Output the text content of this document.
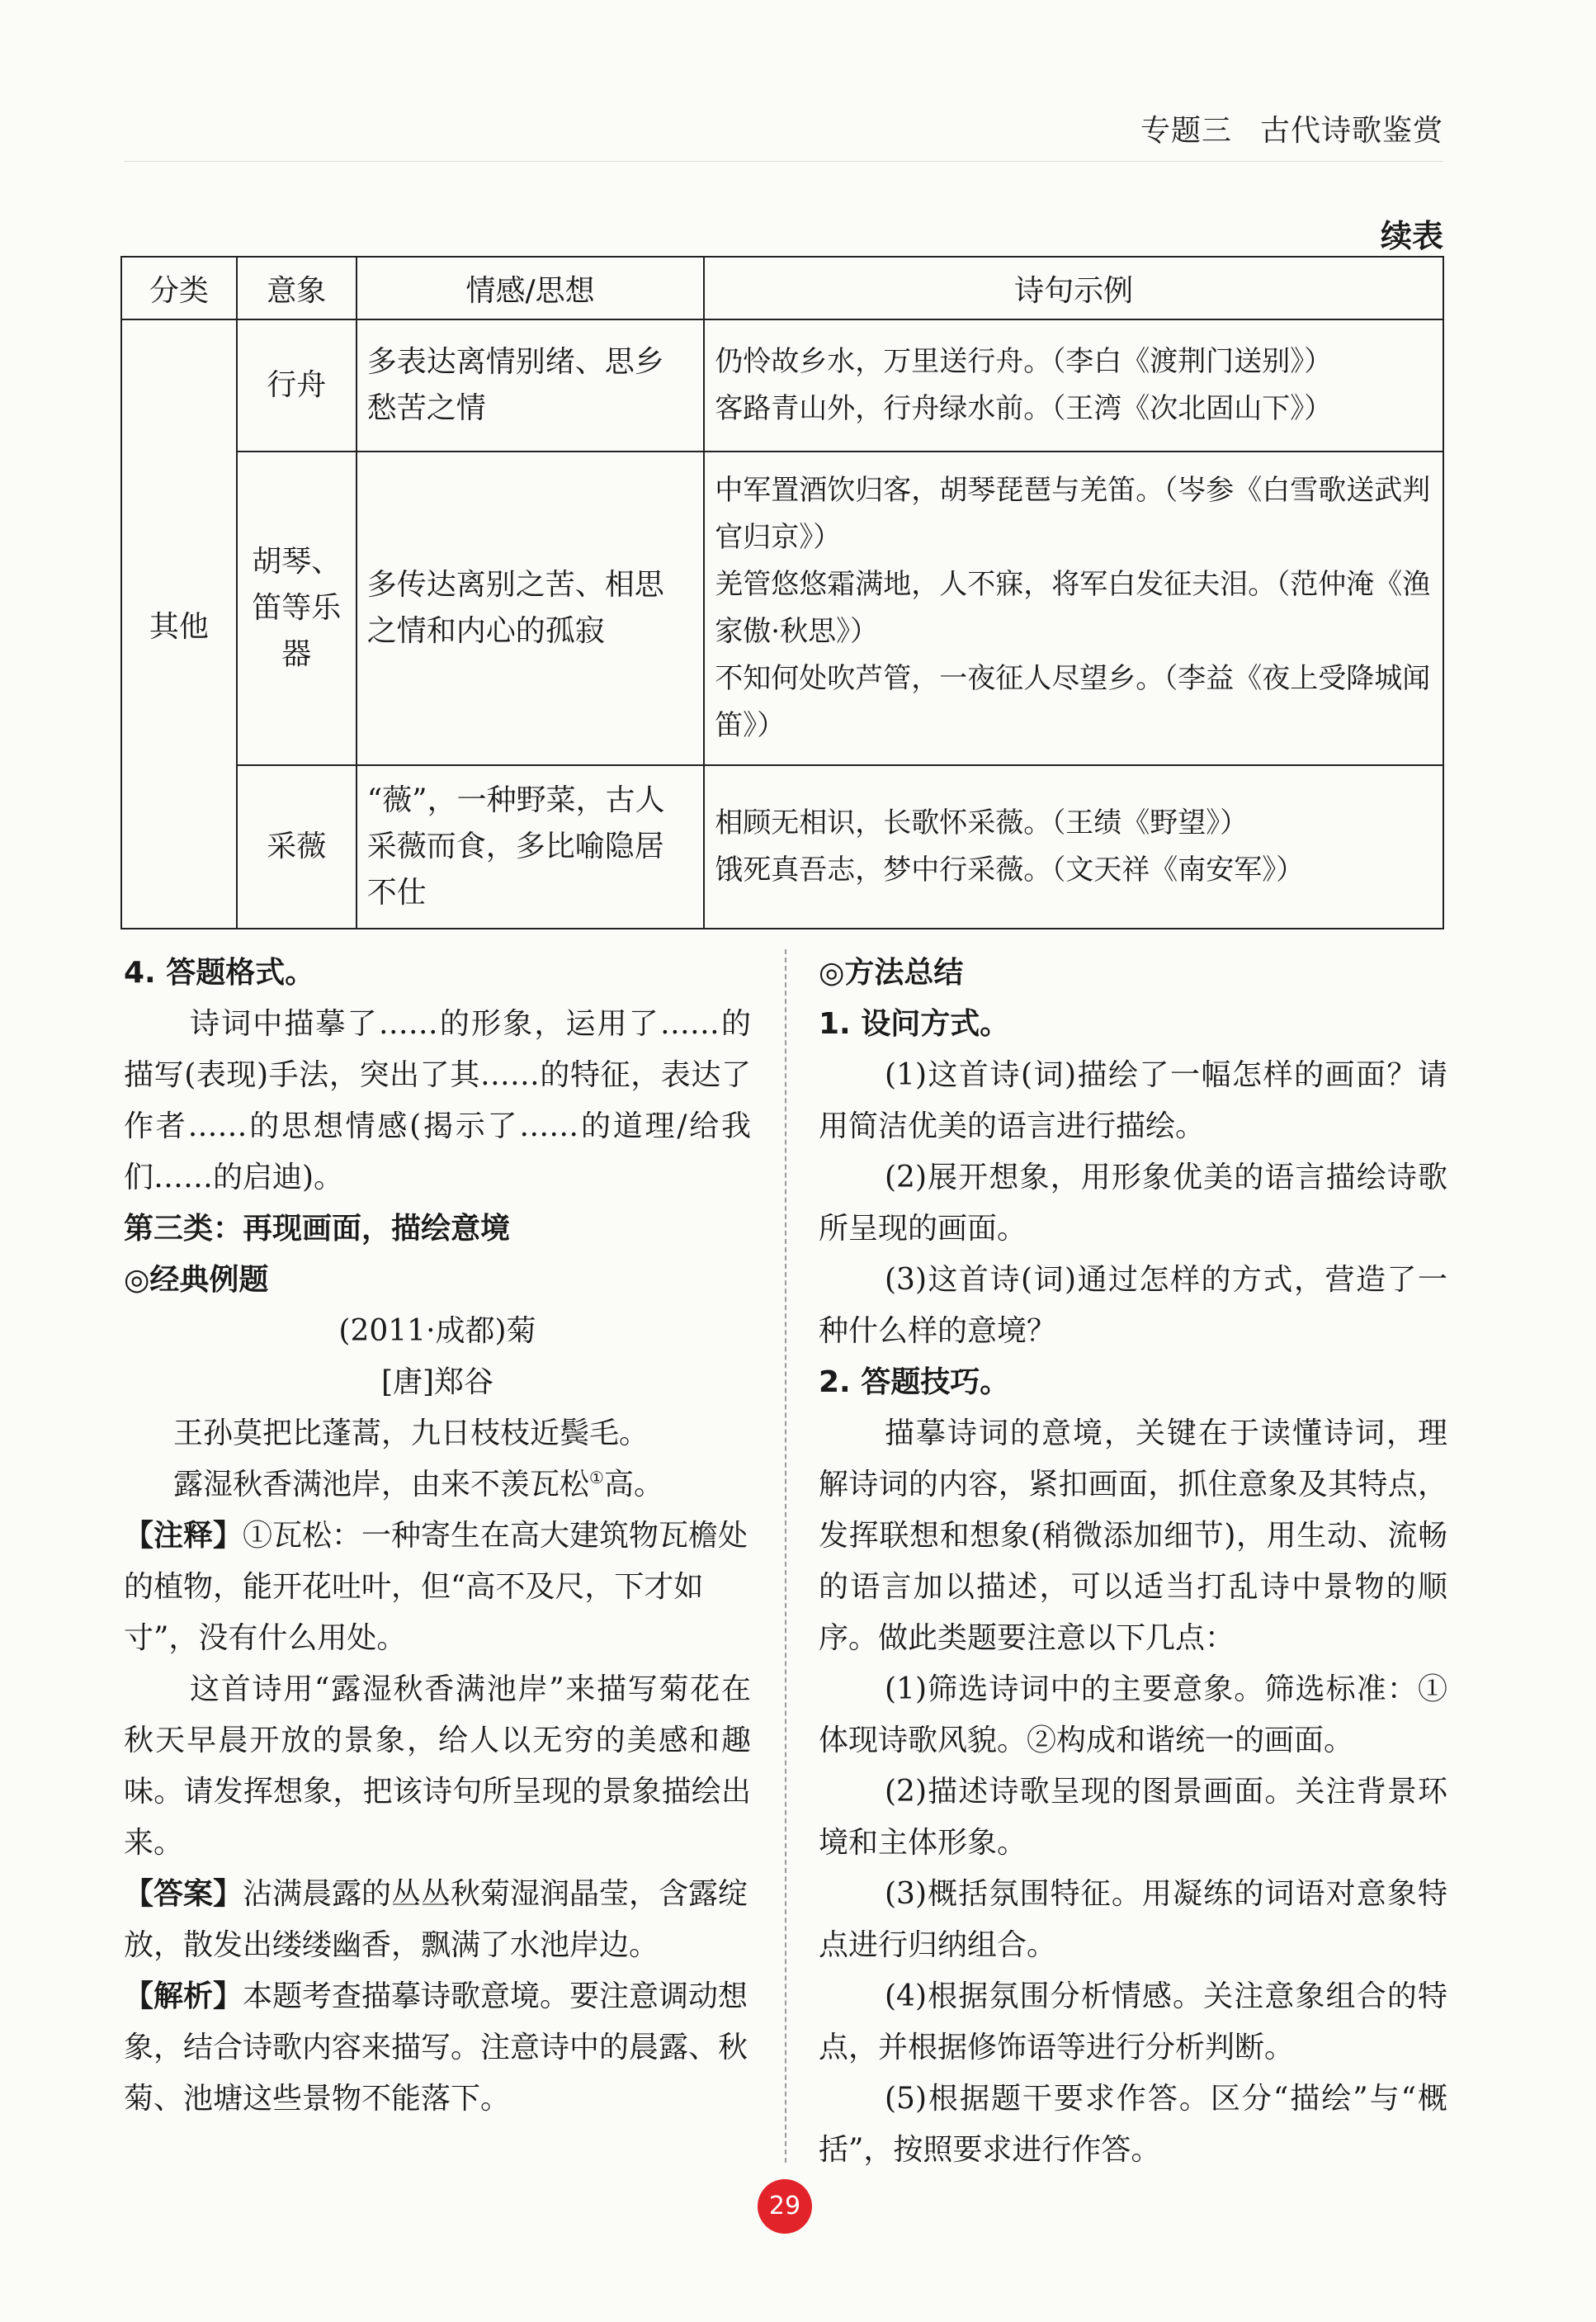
专题三 古代诗歌鉴赏
续表
分类	意象	情感/思想	诗句示例
其他	行舟	多表达离情别绪、思乡愁苦之情	仍怜故乡水，万里送行舟。（李白《渡荆门送别》）
客路青山外，行舟绿水前。（王湾《次北固山下》）

	胡琴、笛等乐器	多传达离别之苦、相思之情和内心的孤寂	中军置酒饮归客，胡琴琵琶与羌笛。（岑参《白雪歌送武判官归京》）
羌管悠悠霜满地，人不寐，将军白发征夫泪。（范仲淹《渔家傲·秋思》）
不知何处吹芦管，一夜征人尽望乡。（李益《夜上受降城闻笛》）

	采薇	“薇”，一种野菜，古人采薇而食，多比喻隐居不仕	相顾无相识，长歌怀采薇。（王绩《野望》）
饿死真吾志，梦中行采薇。（文天祥《南安军》）

4. 答题格式。

诗词中描摹了……的形象，运用了……的描写(表现)手法，突出了其……的特征，表达了作者……的思想情感(揭示了……的道理/给我们……的启迪)。

第三类：再现画面，描绘意境

◎经典例题

(2011·成都)菊

[唐]郑谷

王孙莫把比蓬蒿，九日枝枝近鬓毛。

露湿秋香满池岸，由来不羡瓦松①高。

【注释】①瓦松：一种寄生在高大建筑物瓦檐处的植物，能开花吐叶，但“高不及尺，下才如寸”，没有什么用处。

这首诗用“露湿秋香满池岸”来描写菊花在秋天早晨开放的景象，给人以无穷的美感和趣味。请发挥想象，把该诗句所呈现的景象描绘出来。

【答案】沾满晨露的丛丛秋菊湿润晶莹，含露绽放，散发出缕缕幽香，飘满了水池岸边。

【解析】本题考查描摹诗歌意境。要注意调动想象，结合诗歌内容来描写。注意诗中的晨露、秋菊、池塘这些景物不能落下。

◎方法总结

1. 设问方式。

(1)这首诗(词)描绘了一幅怎样的画面？请用简洁优美的语言进行描绘。

(2)展开想象，用形象优美的语言描绘诗歌所呈现的画面。

(3)这首诗(词)通过怎样的方式，营造了一种什么样的意境？

2. 答题技巧。

描摹诗词的意境，关键在于读懂诗词，理解诗词的内容，紧扣画面，抓住意象及其特点，发挥联想和想象(稍微添加细节)，用生动、流畅的语言加以描述，可以适当打乱诗中景物的顺序。做此类题要注意以下几点：

(1)筛选诗词中的主要意象。筛选标准：①体现诗歌风貌。②构成和谐统一的画面。

(2)描述诗歌呈现的图景画面。关注背景环境和主体形象。

(3)概括氛围特征。用凝练的词语对意象特点进行归纳组合。

(4)根据氛围分析情感。关注意象组合的特点，并根据修饰语等进行分析判断。

(5)根据题干要求作答。区分“描绘”与“概括”，按照要求进行作答。

29
